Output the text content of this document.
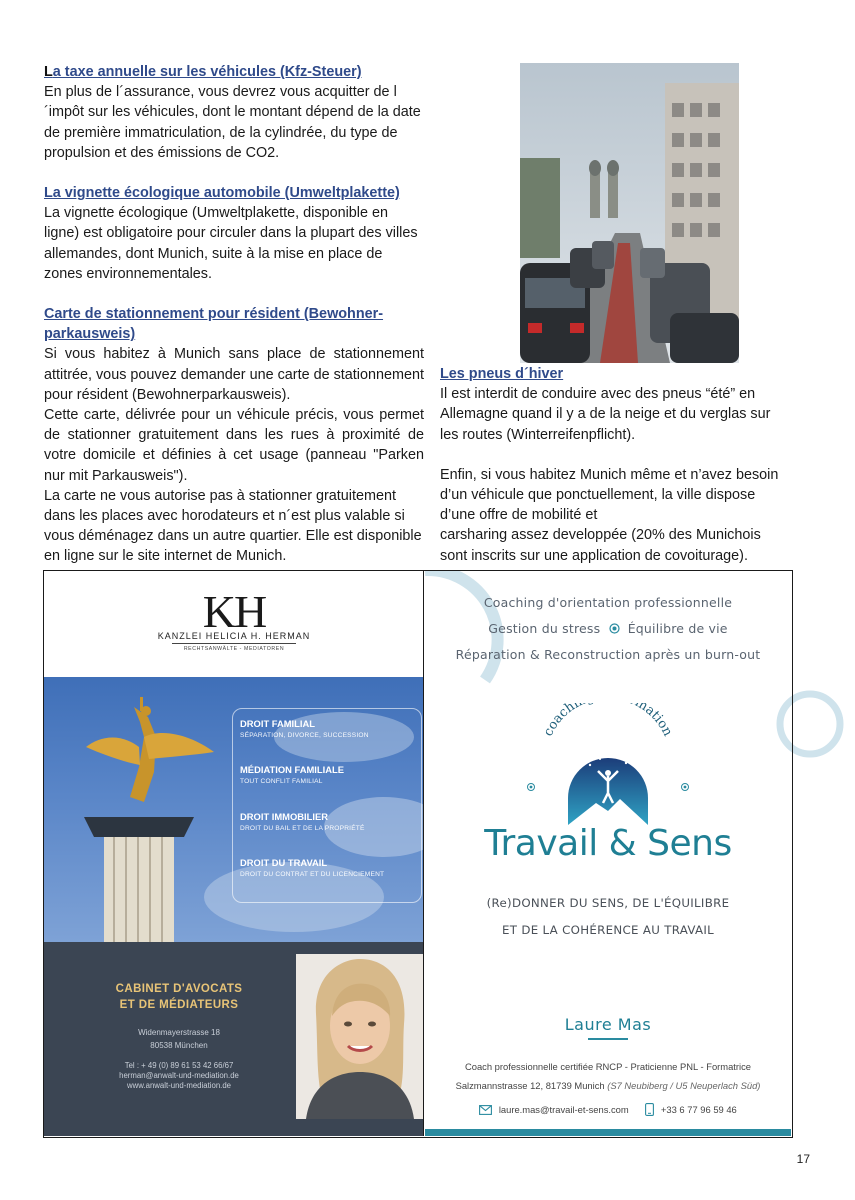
La taxe annuelle sur les véhicules (Kfz-Steuer)
En plus de l´assurance, vous devrez vous acquitter de l´impôt sur les véhicules, dont le montant dépend de la date de première immatriculation, de la cylindrée, du type de propulsion et des émissions de CO2.
La vignette écologique automobile (Umweltplakette)
La vignette écologique (Umweltplakette, disponible en ligne) est obligatoire pour circuler dans la plupart des villes allemandes, dont Munich, suite à la mise en place de zones environnementales.
Carte de stationnement pour résident (Bewohner-parkausweis)
Si vous habitez à Munich sans place de stationnement attitrée, vous pouvez demander une carte de stationnement pour résident (Bewohnerparkausweis).
Cette carte, délivrée pour un véhicule précis, vous permet de stationner gratuitement dans les rues à proximité de votre domicile et définies à cet usage (panneau "Parken nur mit Parkausweis").
La carte ne vous autorise pas à stationner gratuitement dans les places avec horodateurs et n´est plus valable si vous déménagez dans un autre quartier. Elle est disponible en ligne sur le site internet de Munich.
Les pneus d´hiver
Il est interdit de conduire avec des pneus “été” en Allemagne quand il y a de la neige et du verglas sur les routes (Winterreifenpflicht).
Enfin, si vous habitez Munich même et n’avez besoin d’un véhicule que ponctuellement, la ville dispose d’une offre de mobilité et
carsharing assez developpée (20% des Munichois sont inscrits sur une application de covoiturage).
KH
KANZLEI HELICIA H. HERMAN
RECHTSANWÄLTE - MEDIATOREN
DROIT FAMILIAL
SÉPARATION, DIVORCE, SUCCESSION
MÉDIATION FAMILIALE
TOUT CONFLIT FAMILIAL
DROIT IMMOBILIER
DROIT DU BAIL ET DE LA PROPRIÉTÉ
DROIT DU TRAVAIL
DROIT DU CONTRAT ET DU LICENCIEMENT
CABINET D'AVOCATS
ET DE MÉDIATEURS
Widenmayerstrasse 18
80538 München
Tel : + 49 (0) 89 61 53 42 66/67
herman@anwalt-und-mediation.de
www.anwalt-und-mediation.de
Coaching d'orientation professionnelle
Gestion du stress Équilibre de vie
Réparation & Reconstruction après un burn-out
coachi mation
Travail & Sens
(Re)DONNER DU SENS, DE L'ÉQUILIBRE
ET DE LA COHÉRENCE AU TRAVAIL
Laure Mas
Coach professionnelle certifiée RNCP - Praticienne PNL - Formatrice
Salzmannstrasse 12, 81739 Munich (S7 Neubiberg / U5 Neuperlach Süd)
laure.mas@travail-et-sens.com	+33 6 77 96 59 46
17
